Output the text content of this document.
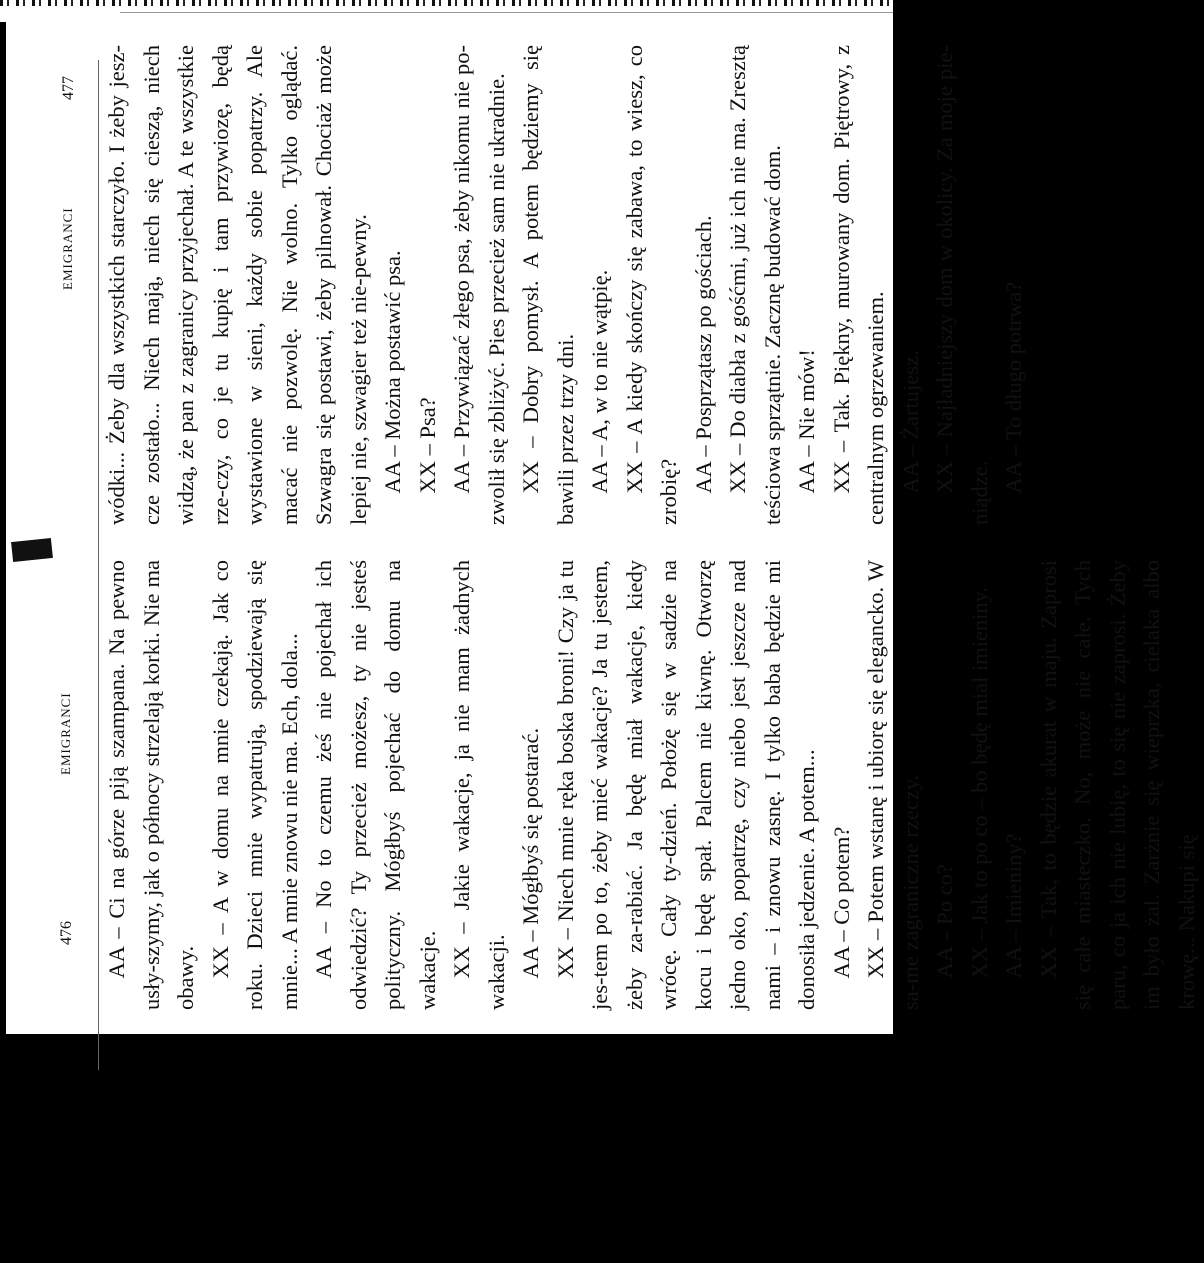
477
EMIGRANCI wódki... Żeby dla wszystkich starczyło. I żeby jesz-cze zostało... Niech mają, niech się cieszą, niech widzą, że pan z zagranicy przyjechał. A te wszystkie rze-czy, co je tu kupię i tam przywiozę, będą wystawione w sieni, każdy sobie popatrzy. Ale macać nie pozwolę. Nie wolno. Tylko oglądać. Szwagra się postawi, żeby pilnował. Chociaż może lepiej nie, szwagier też nie-pewny. AA – Można postawić psa. XX – Psa? AA – Przywiązać złego psa, żeby nikomu nie po-zwolił się zbliżyć. Pies przecież sam nie ukradnie. XX – Dobry pomysł. A potem będziemy się bawili przez trzy dni. AA – A, w to nie wątpię. XX – A kiedy skończy się zabawa, to wiesz, co zrobię? AA – Posprzątasz po gościach. XX – Do diabła z gośćmi, już ich nie ma. Zresztą teściowa sprzątnie. Zacznę budować dom. AA – Nie mów! XX – Tak. Piękny, murowany dom. Piętrowy, z centralnym ogrzewaniem. AA – Żartujesz. XX – Najładniejszy dom w okolicy. Za moje pie-niądze. AA – To długo potrwa?

476
EMIGRANCI AA – Ci na górze piją szampana. Na pewno usły-szymy, jak o północy strzelają korki. Nie ma obawy. XX – A w domu na mnie czekają. Jak co roku. Dzieci mnie wypatrują, spodziewają się mnie... A mnie znowu nie ma. Ech, dola... AA – No to czemu żeś nie pojechał ich odwiedzić? Ty przecież możesz, ty nie jesteś polityczny. Mógłbyś pojechać do domu na wakacje. XX – Jakie wakacje, ja nie mam żadnych wakacji. AA – Mógłbyś się postarać. XX – Niech mnie ręka boska broni! Czy ja tu jes-tem po to, żeby mieć wakacje? Ja tu jestem, żeby za-rabiać. Ja będę miał wakacje, kiedy wrócę. Cały ty-dzień. Położę się w sadzie na kocu i będę spał. Palcem nie kiwnę. Otworzę jedno oko, popatrzę, czy niebo jest jeszcze nad nami – i znowu zasnę. I tylko baba będzie mi donosiła jedzenie. A potem... AA – Co potem? XX – Potem wstanę i ubiorę się elegancko. W sa-me zagraniczne rzeczy. AA – Po co? XX – Jak to po co – bo będę miał imieniny. AA – Imieniny? XX – Tak, to będzie akurat w maju. Zaprosi się całe miasteczko. No, może nie całe. Tych paru, co ja ich nie lubię, to się nie zaprosi. Żeby im było żal. Zarżnie się wieprzka, cielaka albo krowę... Nakupi się
